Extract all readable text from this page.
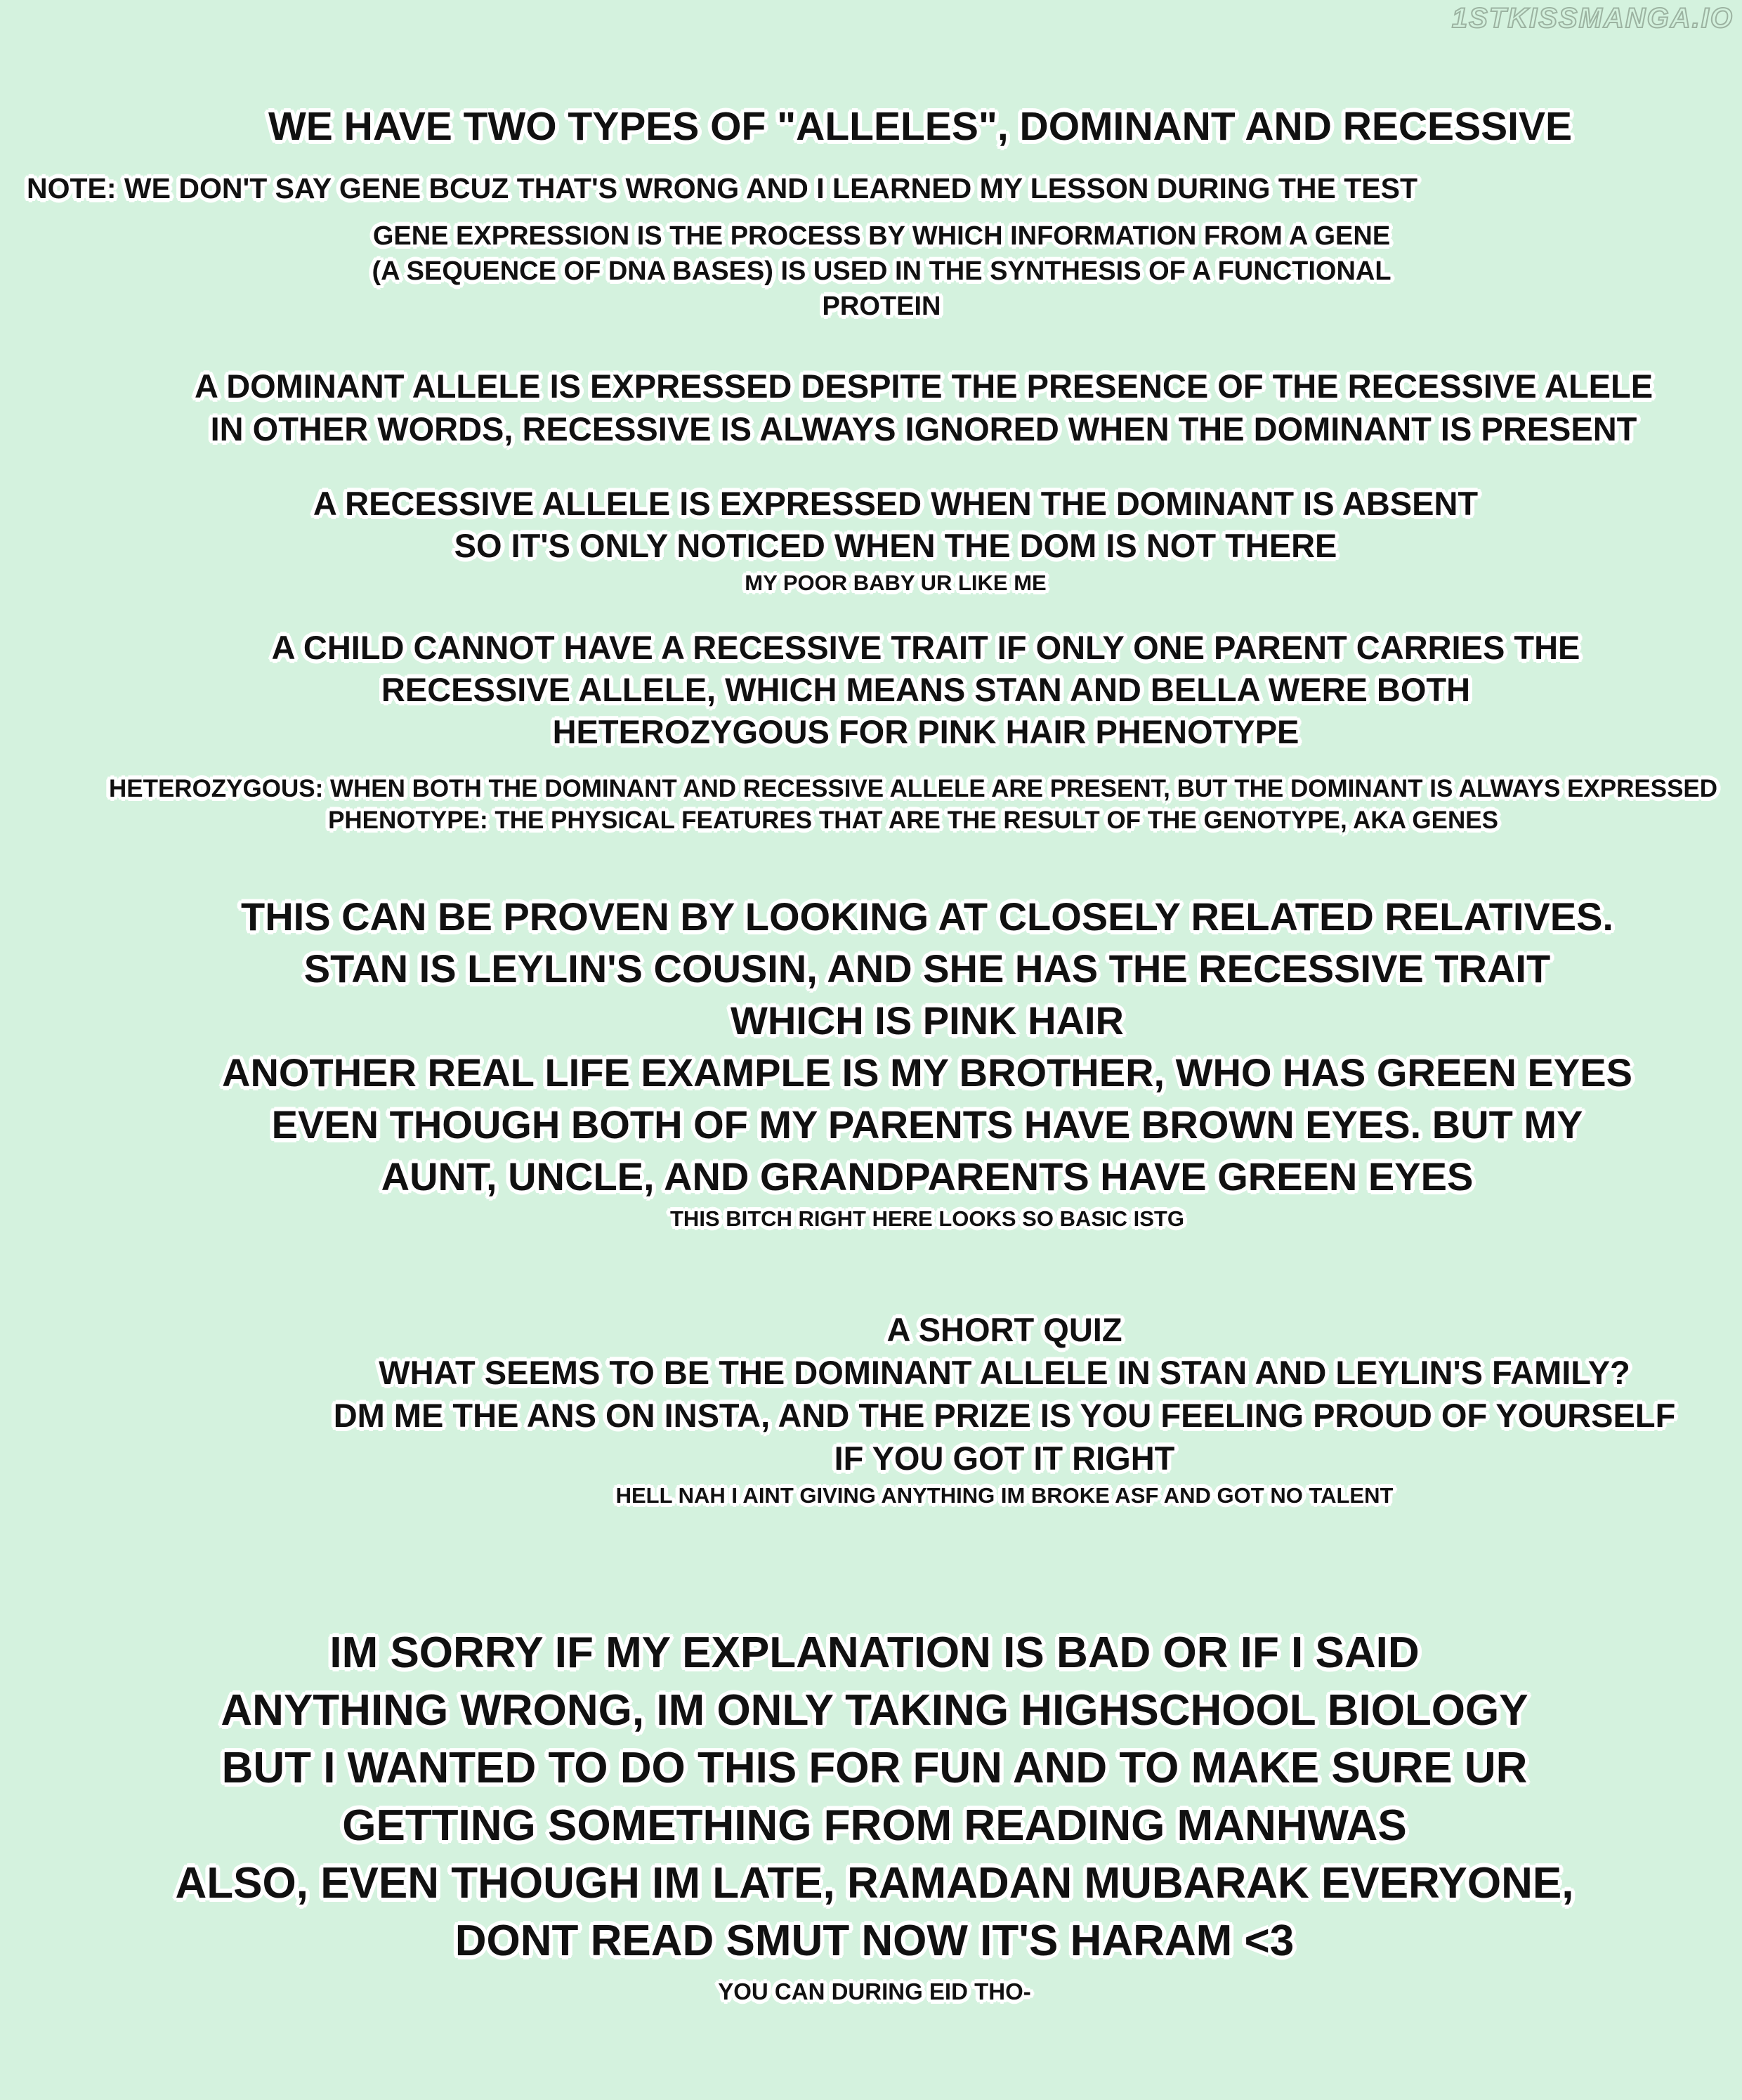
1STKISSMANGA.IO
WE HAVE TWO TYPES OF "ALLELES", DOMINANT AND RECESSIVE
NOTE: WE DON'T SAY GENE BCUZ THAT'S WRONG AND I LEARNED MY LESSON DURING THE TEST
GENE EXPRESSION IS THE PROCESS BY WHICH INFORMATION FROM A GENE
(A SEQUENCE OF DNA BASES) IS USED IN THE SYNTHESIS OF A FUNCTIONAL
PROTEIN
A DOMINANT ALLELE IS EXPRESSED DESPITE THE PRESENCE OF THE RECESSIVE ALELE
IN OTHER WORDS, RECESSIVE IS ALWAYS IGNORED WHEN THE DOMINANT IS PRESENT
A RECESSIVE ALLELE IS EXPRESSED WHEN THE DOMINANT IS ABSENT
SO IT'S ONLY NOTICED WHEN THE DOM IS NOT THERE
MY POOR BABY UR LIKE ME
A CHILD CANNOT HAVE A RECESSIVE TRAIT IF ONLY ONE PARENT CARRIES THE
RECESSIVE ALLELE, WHICH MEANS STAN AND BELLA WERE BOTH
HETEROZYGOUS FOR PINK HAIR PHENOTYPE
HETEROZYGOUS: WHEN BOTH THE DOMINANT AND RECESSIVE ALLELE ARE PRESENT, BUT THE DOMINANT IS ALWAYS EXPRESSED
PHENOTYPE: THE PHYSICAL FEATURES THAT ARE THE RESULT OF THE GENOTYPE, AKA GENES
THIS CAN BE PROVEN BY LOOKING AT CLOSELY RELATED RELATIVES.
STAN IS LEYLIN'S COUSIN, AND SHE HAS THE RECESSIVE TRAIT
WHICH IS PINK HAIR
ANOTHER REAL LIFE EXAMPLE IS MY BROTHER, WHO HAS GREEN EYES
EVEN THOUGH BOTH OF MY PARENTS HAVE BROWN EYES. BUT MY
AUNT, UNCLE, AND GRANDPARENTS HAVE GREEN EYES
THIS BITCH RIGHT HERE LOOKS SO BASIC ISTG
A SHORT QUIZ
WHAT SEEMS TO BE THE DOMINANT ALLELE IN STAN AND LEYLIN'S FAMILY?
DM ME THE ANS ON INSTA, AND THE PRIZE IS YOU FEELING PROUD OF YOURSELF
IF YOU GOT IT RIGHT
HELL NAH I AINT GIVING ANYTHING IM BROKE ASF AND GOT NO TALENT
IM SORRY IF MY EXPLANATION IS BAD OR IF I SAID
ANYTHING WRONG, IM ONLY TAKING HIGHSCHOOL BIOLOGY
BUT I WANTED TO DO THIS FOR FUN AND TO MAKE SURE UR
GETTING SOMETHING FROM READING MANHWAS
ALSO, EVEN THOUGH IM LATE, RAMADAN MUBARAK EVERYONE,
DONT READ SMUT NOW IT'S HARAM <3
YOU CAN DURING EID THO-
